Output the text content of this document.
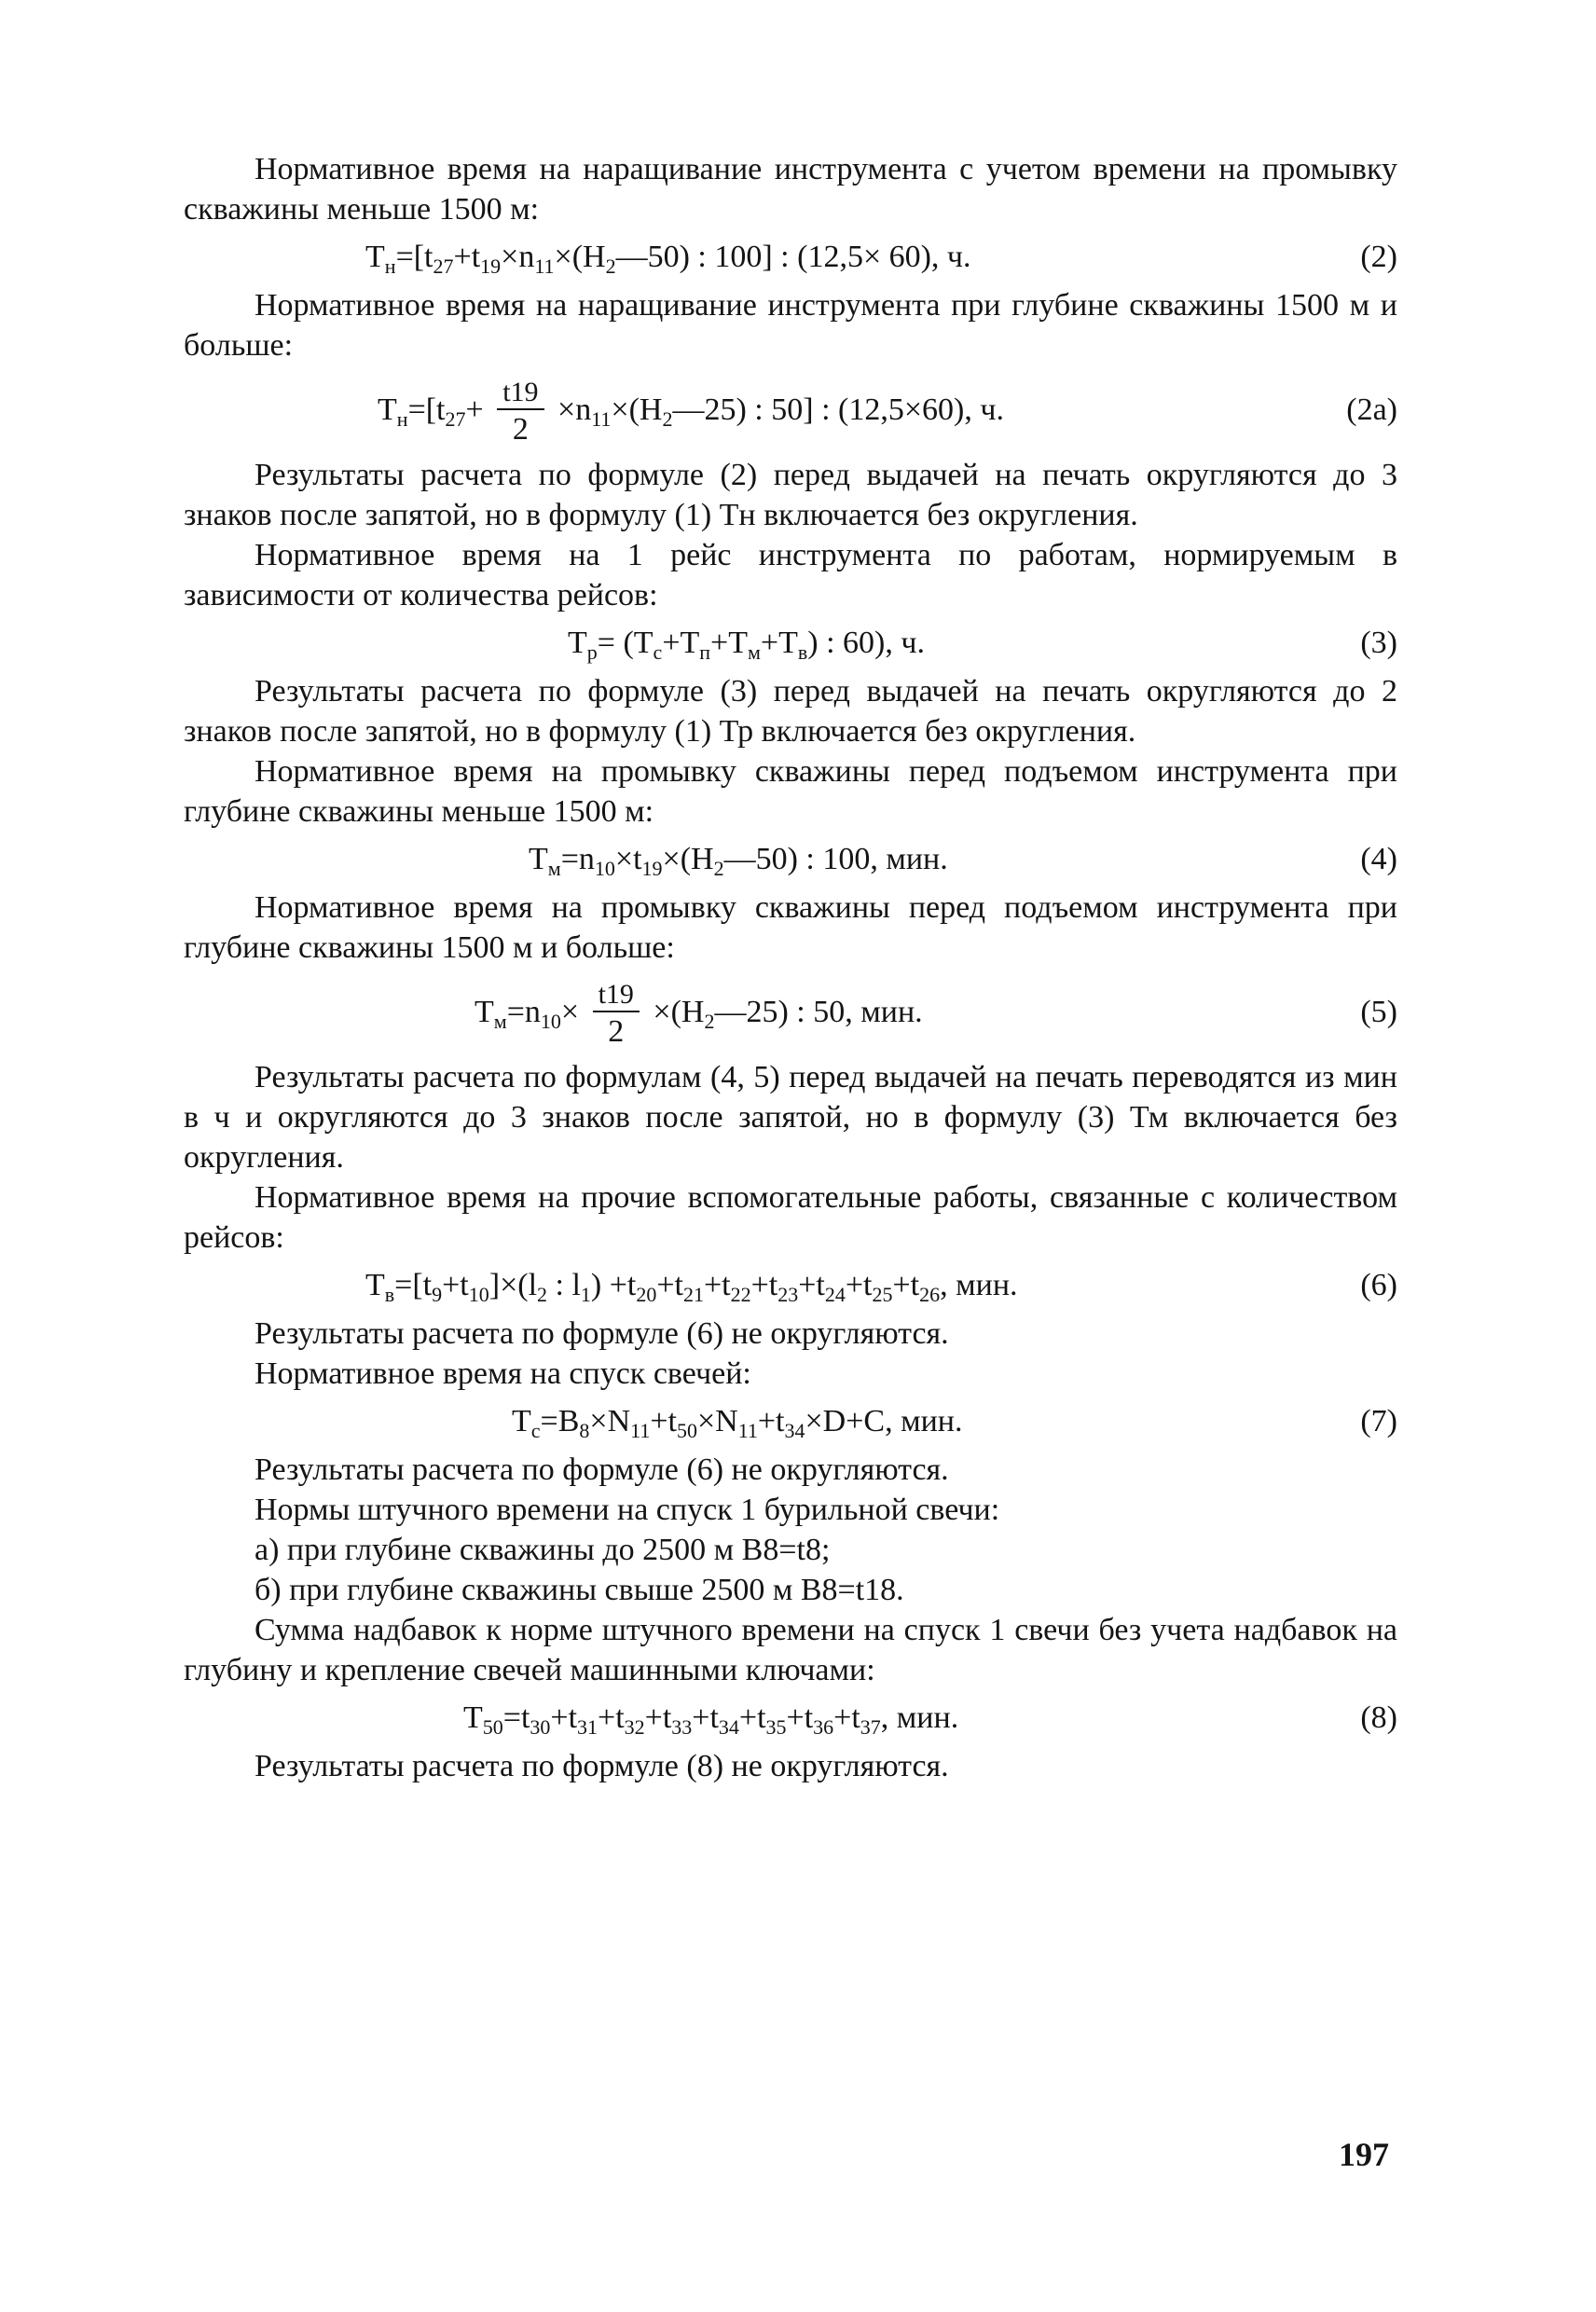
Нормативное время на наращивание инструмента с учетом времени на промывку скважины меньше 1500 м:

$Т_н=[t_{27}+t_{19}\times n_{11}\times(H_2—50)$ : 100] : (12,5× 60), ч.	(2)

Нормативное время на наращивание инструмента при глубине скважины 1500 м и больше:

$Т_н=[t_{27}+ \frac{t19}{2}$ $\times n_{11}\times(H_2—25)$ : 50] : (12,5×60), ч.	(2а)

Результаты расчета по формуле (2) перед выдачей на печать округляются до 3 знаков после запятой, но в формулу (1) Тн включается без округления.

Нормативное время на 1 рейс инструмента по работам, нормируемым в зависимости от количества рейсов:

$Т_р= (Т_с+Т_п+Т_м+Т_в)$ : 60), ч.	(3)

Результаты расчета по формуле (3) перед выдачей на печать округляются до 2 знаков после запятой, но в формулу (1) Тр включается без округления.

Нормативное время на промывку скважины перед подъемом инструмента при глубине скважины меньше 1500 м:

$Т_м=n_{10}\times t_{19}\times(H_2—50)$ : 100, мин.	(4)

Нормативное время на промывку скважины перед подъемом инструмента при глубине скважины 1500 м и больше:

$Т_м=n_{10}\times \frac{t19}{2}$ $\times(H_2—25)$ : 50, мин.	(5)

Результаты расчета по формулам (4, 5) перед выдачей на печать переводятся из мин в ч и округляются до 3 знаков после запятой, но в формулу (3) Тм включается без округления.

Нормативное время на прочие вспомогательные работы, связанные с количеством рейсов:

$Т_в=[t_9+t_{10}]\times(l_2$ : $l_1) +t_{20}+t_{21}+t_{22}+t_{23}+t_{24}+t_{25}+t_{26}$, мин.	(6)

Результаты расчета по формуле (6) не округляются.

Нормативное время на спуск свечей:

$Т_с=В_8\times N_{11}+t_{50}\times N_{11}+t_{34}\times D+C$, мин.	(7)

Результаты расчета по формуле (6) не округляются.

Нормы штучного времени на спуск 1 бурильной свечи:

а) при глубине скважины до 2500 м В8=t8;

б) при глубине скважины свыше 2500 м В8=t18.

Сумма надбавок к норме штучного времени на спуск 1 свечи без учета надбавок на глубину и крепление свечей машинными ключами:

$Т_{50}=t_{30}+t_{31}+t_{32}+t_{33}+t_{34}+t_{35}+t_{36}+t_{37}$, мин.	(8)

Результаты расчета по формуле (8) не округляются.

197
